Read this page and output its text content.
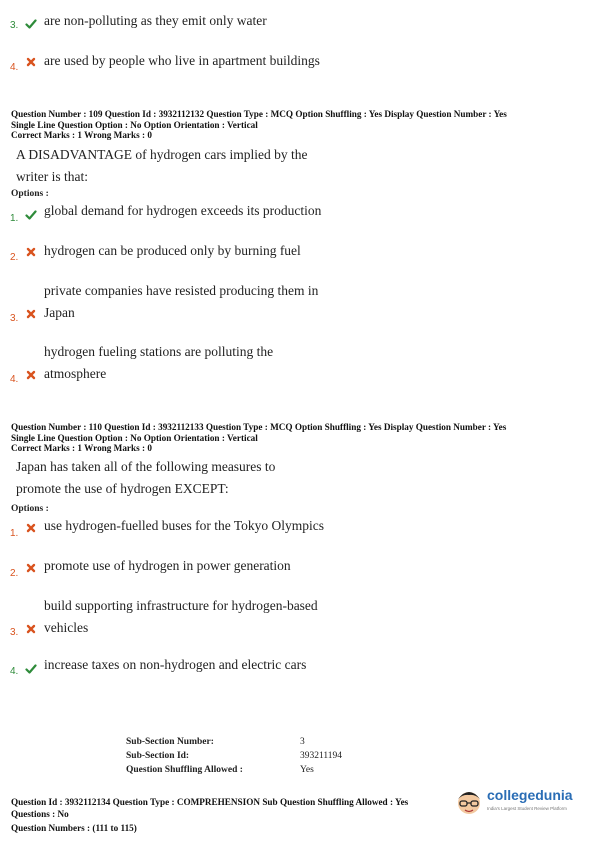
3. are non-polluting as they emit only water
4. are used by people who live in apartment buildings
Question Number : 109 Question Id : 3932112132 Question Type : MCQ Option Shuffling : Yes Display Question Number : Yes
Single Line Question Option : No Option Orientation : Vertical
Correct Marks : 1 Wrong Marks : 0
A DISADVANTAGE of hydrogen cars implied by the
writer is that:
Options :
1.
global demand for hydrogen exceeds its production
2. hydrogen can be produced only by burning fuel
3.
private companies have resisted producing them in
Japan
4.
hydrogen fueling stations are polluting the
atmosphere
Question Number : 110 Question Id : 3932112133 Question Type : MCQ Option Shuffling : Yes Display Question Number : Yes
Single Line Question Option : No Option Orientation : Vertical
Correct Marks : 1 Wrong Marks : 0
Japan has taken all of the following measures to
promote the use of hydrogen EXCEPT:
Options :
1.
use hydrogen-fuelled buses for the Tokyo Olympics
2.
promote use of hydrogen in power generation
3.
build supporting infrastructure for hydrogen-based
vehicles
4. increase taxes on non-hydrogen and electric cars
Sub-Section Number:	3
Sub-Section Id:	393211194
Question Shuffling Allowed :	Yes
Question Id : 3932112134 Question Type : COMPREHENSION Sub Question Shuffling Allowed : Yes
Questions : No
Question Numbers : (111 to 115)
collegedunia
India's Largest Student Review Platform
